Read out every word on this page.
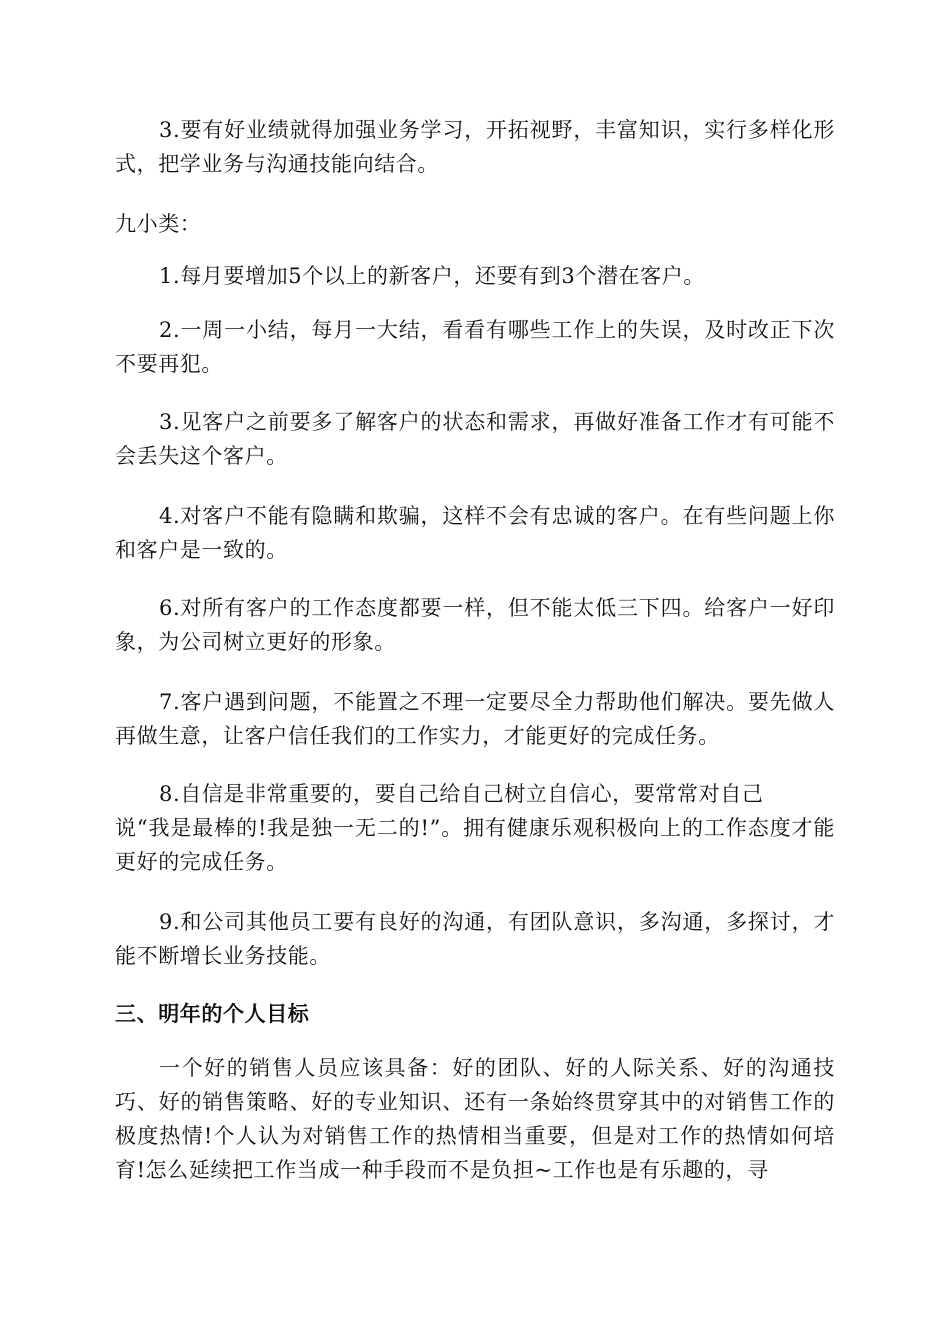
3.要有好业绩就得加强业务学习，开拓视野，丰富知识，实行多样化形式，把学业务与沟通技能向结合。

九小类：

1.每月要增加5个以上的新客户，还要有到3个潜在客户。

2.一周一小结，每月一大结，看看有哪些工作上的失误，及时改正下次不要再犯。

3.见客户之前要多了解客户的状态和需求，再做好准备工作才有可能不会丢失这个客户。

4.对客户不能有隐瞒和欺骗，这样不会有忠诚的客户。在有些问题上你和客户是一致的。

6.对所有客户的工作态度都要一样，但不能太低三下四。给客户一好印象，为公司树立更好的形象。

7.客户遇到问题，不能置之不理一定要尽全力帮助他们解决。要先做人再做生意，让客户信任我们的工作实力，才能更好的完成任务。

8.自信是非常重要的，要自己给自己树立自信心，要常常对自己

说“我是最棒的!我是独一无二的!”。拥有健康乐观积极向上的工作态度才能更好的完成任务。

9.和公司其他员工要有良好的沟通，有团队意识，多沟通，多探讨，才能不断增长业务技能。

三、明年的个人目标

一个好的销售人员应该具备：好的团队、好的人际关系、好的沟通技巧、好的销售策略、好的专业知识、还有一条始终贯穿其中的对销售工作的极度热情!个人认为对销售工作的热情相当重要，但是对工作的热情如何培育!怎么延续把工作当成一种手段而不是负担~工作也是有乐趣的，寻
